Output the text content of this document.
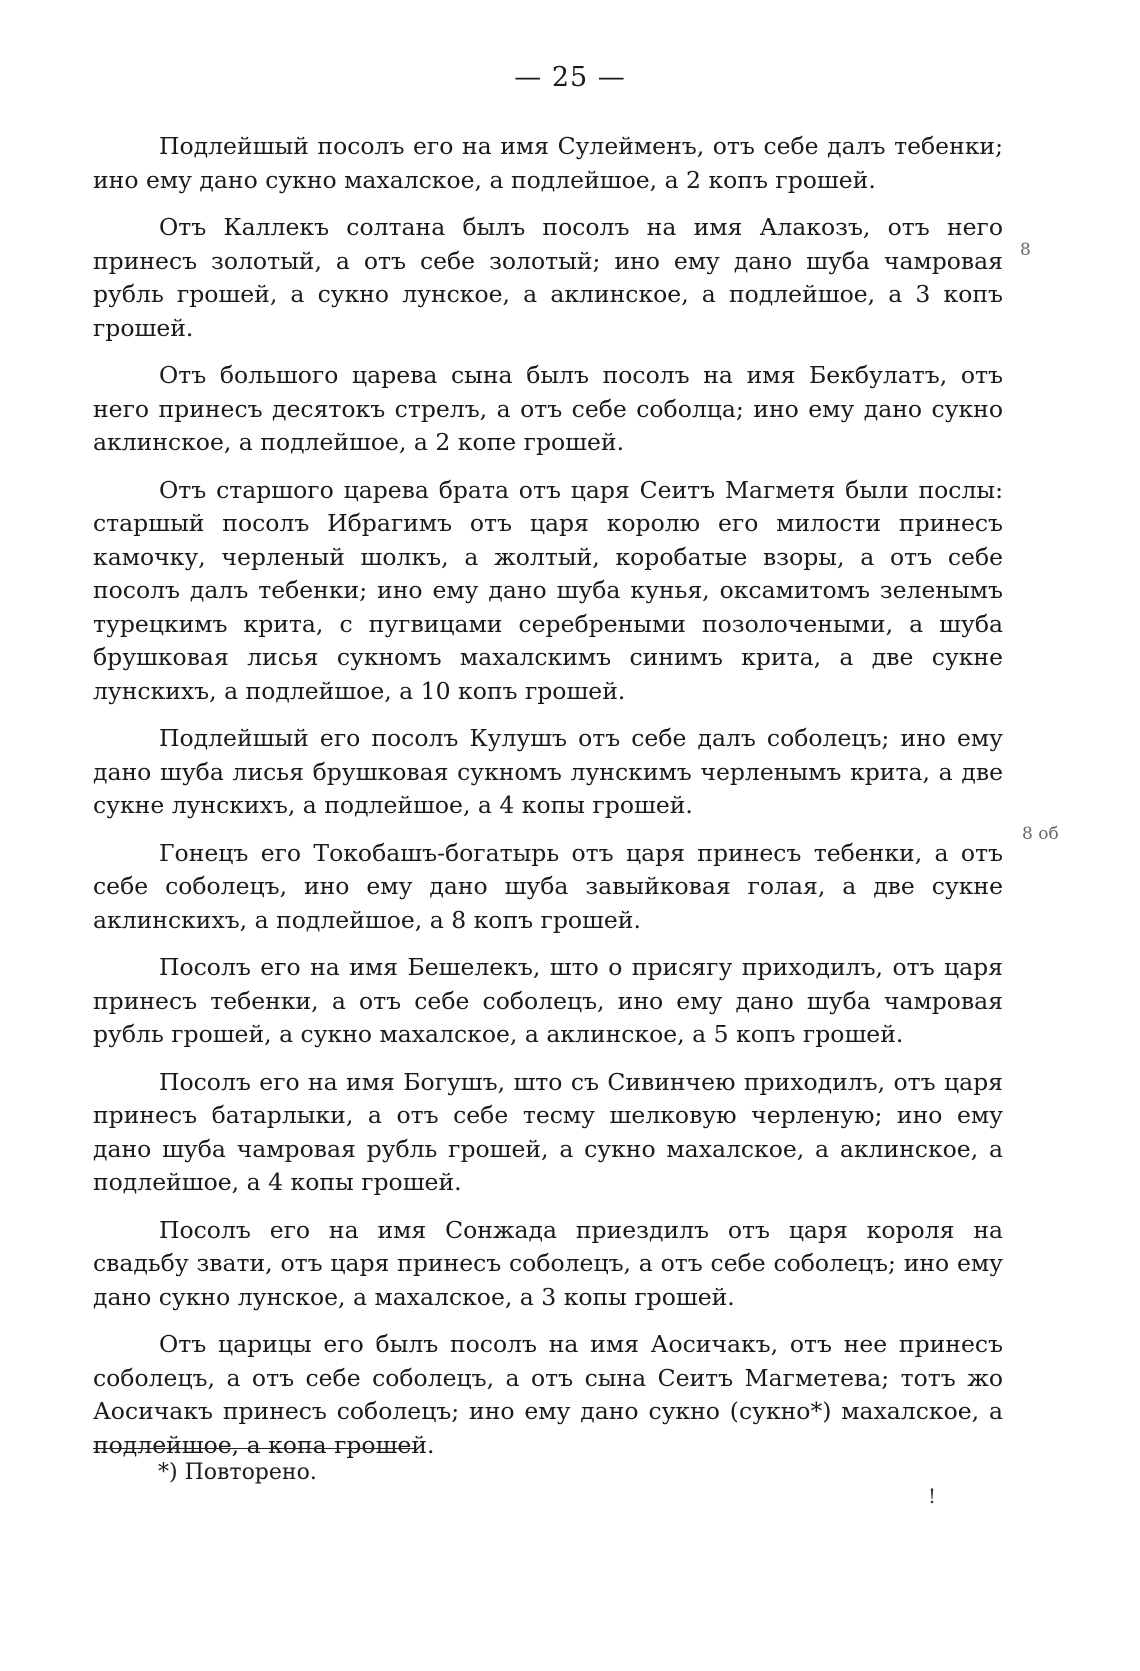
— 25 —

Подлейшый посолъ его на имя Сулейменъ, отъ себе далъ тебенки; ино ему дано сукно махалское, а подлейшое, а 2 копъ грошей.

Отъ Каллекъ солтана былъ посолъ на имя Алакозъ, отъ него принесъ золотый, а отъ себе золотый; ино ему дано шуба чамровая рубль грошей, а сукно лунское, а аклинское, а подлейшое, а 3 копъ грошей.

Отъ большого царева сына былъ посолъ на имя Бекбулатъ, отъ него принесъ десятокъ стрелъ, а отъ себе соболца; ино ему дано сукно аклинское, а подлейшое, а 2 копе грошей.

Отъ старшого царева брата отъ царя Сеитъ Магметя были послы: старшый посолъ Ибрагимъ отъ царя королю его милости принесъ камочку, черленый шолкъ, а жолтый, коробатые взоры, а отъ себе посолъ далъ тебенки; ино ему дано шуба кунья, оксамитомъ зеленымъ турецкимъ крита, с пугвицами серебреными позолочеными, а шуба брушковая лисья сукномъ махалскимъ синимъ крита, а две сукне лунскихъ, а подлейшое, а 10 копъ грошей.

Подлейшый его посолъ Кулушъ отъ себе далъ соболецъ; ино ему дано шуба лисья брушковая сукномъ лунскимъ черленымъ крита, а две сукне лунскихъ, а подлейшое, а 4 копы грошей.

Гонецъ его Токобашъ-богатырь отъ царя принесъ тебенки, а отъ себе соболецъ, ино ему дано шуба завыйковая голая, а две сукне аклинскихъ, а подлейшое, а 8 копъ грошей.

Посолъ его на имя Бешелекъ, што о присягу приходилъ, отъ царя принесъ тебенки, а отъ себе соболецъ, ино ему дано шуба чамровая рубль грошей, а сукно махалское, а аклинское, а 5 копъ грошей.

Посолъ его на имя Богушъ, што съ Сивинчею приходилъ, отъ царя принесъ батарлыки, а отъ себе тесму шелковую черленую; ино ему дано шуба чамровая рубль грошей, а сукно махалское, а аклинское, а подлейшое, а 4 копы грошей.

Посолъ его на имя Сонжада приездилъ отъ царя короля на свадьбу звати, отъ царя принесъ соболецъ, а отъ себе соболецъ; ино ему дано сукно лунское, а махалское, а 3 копы грошей.

Отъ царицы его былъ посолъ на имя Аосичакъ, отъ нее принесъ соболецъ, а отъ себе соболецъ, а отъ сына Сеитъ Магметева; тотъ жо Аосичакъ принесъ соболецъ; ино ему дано сукно (сукно*) махалское, а подлейшое, а копа грошей.

8
8 об
*) Повторено.
!
